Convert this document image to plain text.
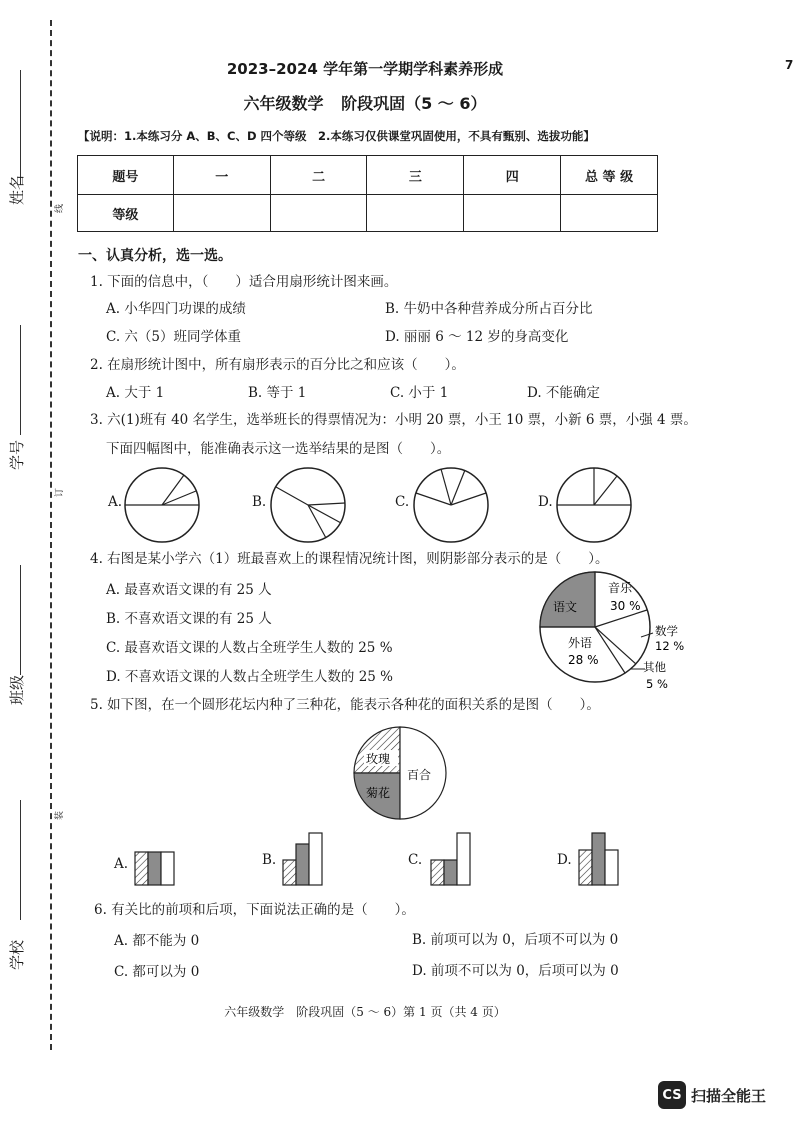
姓名
学号
班级
学校
线
订
装
7
2023–2024 学年第一学期学科素养形成
六年级数学 阶段巩固（5 ～ 6）
【说明：1.本练习分 A、B、C、D 四个等级　2.本练习仅供课堂巩固使用，不具有甄别、选拔功能】
题号	一	二	三	四	总 等 级
等级					
一、认真分析，选一选。
1. 下面的信息中，（　　）适合用扇形统计图来画。
A. 小华四门功课的成绩	B. 牛奶中各种营养成分所占百分比
C. 六（5）班同学体重	D. 丽丽 6 ～ 12 岁的身高变化
2. 在扇形统计图中，所有扇形表示的百分比之和应该（　　）。
A. 大于 1	B. 等于 1	C. 小于 1	D. 不能确定
3. 六(1)班有 40 名学生，选举班长的得票情况为：小明 20 票，小王 10 票，小新 6 票，小强 4 票。
下面四幅图中，能准确表示这一选举结果的是图（　　）。
A.	B.	C.	D.
4. 右图是某小学六（1）班最喜欢上的课程情况统计图，则阴影部分表示的是（　　）。
A. 最喜欢语文课的有 25 人
B. 不喜欢语文课的有 25 人
C. 最喜欢语文课的人数占全班学生人数的 25 %
D. 不喜欢语文课的人数占全班学生人数的 25 %
语文
音乐
30 %
外语
28 %
数学
12 %
其他
5 %
5. 如下图，在一个圆形花坛内种了三种花，能表示各种花的面积关系的是图（　　）。
玫瑰
百合
菊花
A.	B.	C.	D.
6. 有关比的前项和后项，下面说法正确的是（　　）。
A. 都不能为 0	B. 前项可以为 0，后项不可以为 0
C. 都可以为 0	D. 前项不可以为 0，后项可以为 0
六年级数学　阶段巩固（5 ～ 6）第 1 页（共 4 页）
CS 扫描全能王
